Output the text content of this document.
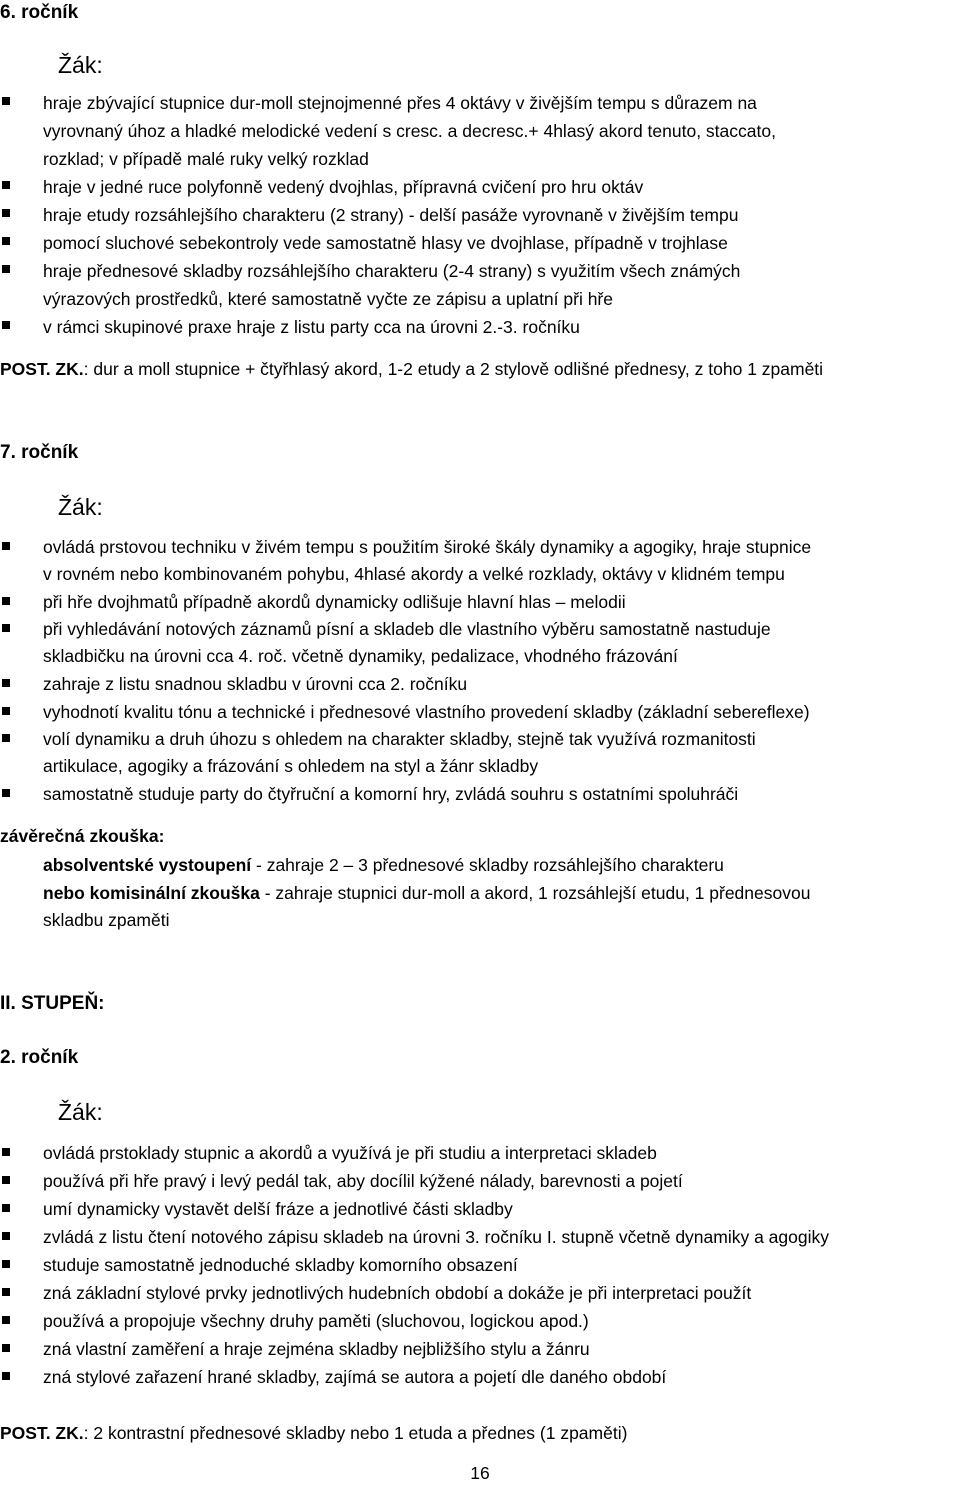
6. ročník
Žák:
hraje zbývající stupnice dur-moll stejnojmenné přes 4 oktávy v živějším tempu s důrazem na
vyrovnaný úhoz a hladké melodické vedení s cresc. a decresc.+ 4hlasý akord tenuto, staccato,
rozklad; v případě malé ruky velký rozklad
hraje v jedné ruce polyfonně vedený dvojhlas, přípravná cvičení pro hru oktáv
hraje etudy rozsáhlejšího charakteru (2 strany) - delší pasáže vyrovnaně v živějším tempu
pomocí sluchové sebekontroly vede samostatně hlasy ve dvojhlase, případně v trojhlase
hraje přednesové skladby rozsáhlejšího charakteru (2-4 strany) s využitím všech známých
výrazových prostředků, které samostatně vyčte ze zápisu a uplatní při hře
v rámci skupinové praxe hraje z listu party cca na úrovni 2.-3. ročníku
POST. ZK.: dur a moll stupnice + čtyřhlasý akord, 1-2 etudy a 2 stylově odlišné přednesy, z toho 1 zpaměti
7. ročník
Žák:
ovládá prstovou techniku v živém tempu s použitím široké škály dynamiky a agogiky, hraje stupnice
v rovném nebo kombinovaném pohybu, 4hlasé akordy a velké rozklady, oktávy v klidném tempu
při hře dvojhmatů případně akordů dynamicky odlišuje hlavní hlas – melodii
při vyhledávání notových záznamů písní a skladeb dle vlastního výběru samostatně nastuduje
skladbičku na úrovni cca 4. roč. včetně dynamiky, pedalizace, vhodného frázování
zahraje z listu snadnou skladbu v úrovni cca 2. ročníku
vyhodnotí kvalitu tónu a technické i přednesové vlastního provedení skladby (základní sebereflexe)
volí dynamiku a druh úhozu s ohledem na charakter skladby, stejně tak využívá rozmanitosti
artikulace, agogiky a frázování s ohledem na styl a žánr skladby
samostatně studuje party do čtyřruční a komorní hry, zvládá souhru s ostatními spoluhráči
závěrečná zkouška:
absolventské vystoupení - zahraje 2 – 3 přednesové skladby rozsáhlejšího charakteru
nebo komisinální zkouška - zahraje stupnici dur-moll a akord, 1 rozsáhlejší etudu, 1 přednesovou
skladbu zpaměti
II. STUPEŇ:
2. ročník
Žák:
ovládá prstoklady stupnic a akordů a využívá je při studiu a interpretaci skladeb
používá při hře pravý i levý pedál tak, aby docílil kýžené nálady, barevnosti a pojetí
umí dynamicky vystavět delší fráze a jednotlivé části skladby
zvládá z listu čtení notového zápisu skladeb na úrovni 3. ročníku I. stupně včetně dynamiky a agogiky
studuje samostatně jednoduché skladby komorního obsazení
zná základní stylové prvky jednotlivých hudebních období a dokáže je při interpretaci použít
používá a propojuje všechny druhy paměti (sluchovou, logickou apod.)
zná vlastní zaměření a hraje zejména skladby nejbližšího stylu a žánru
zná stylové zařazení hrané skladby, zajímá se autora a pojetí dle daného období
POST. ZK.: 2 kontrastní přednesové skladby nebo 1 etuda a přednes (1 zpaměti)
16
